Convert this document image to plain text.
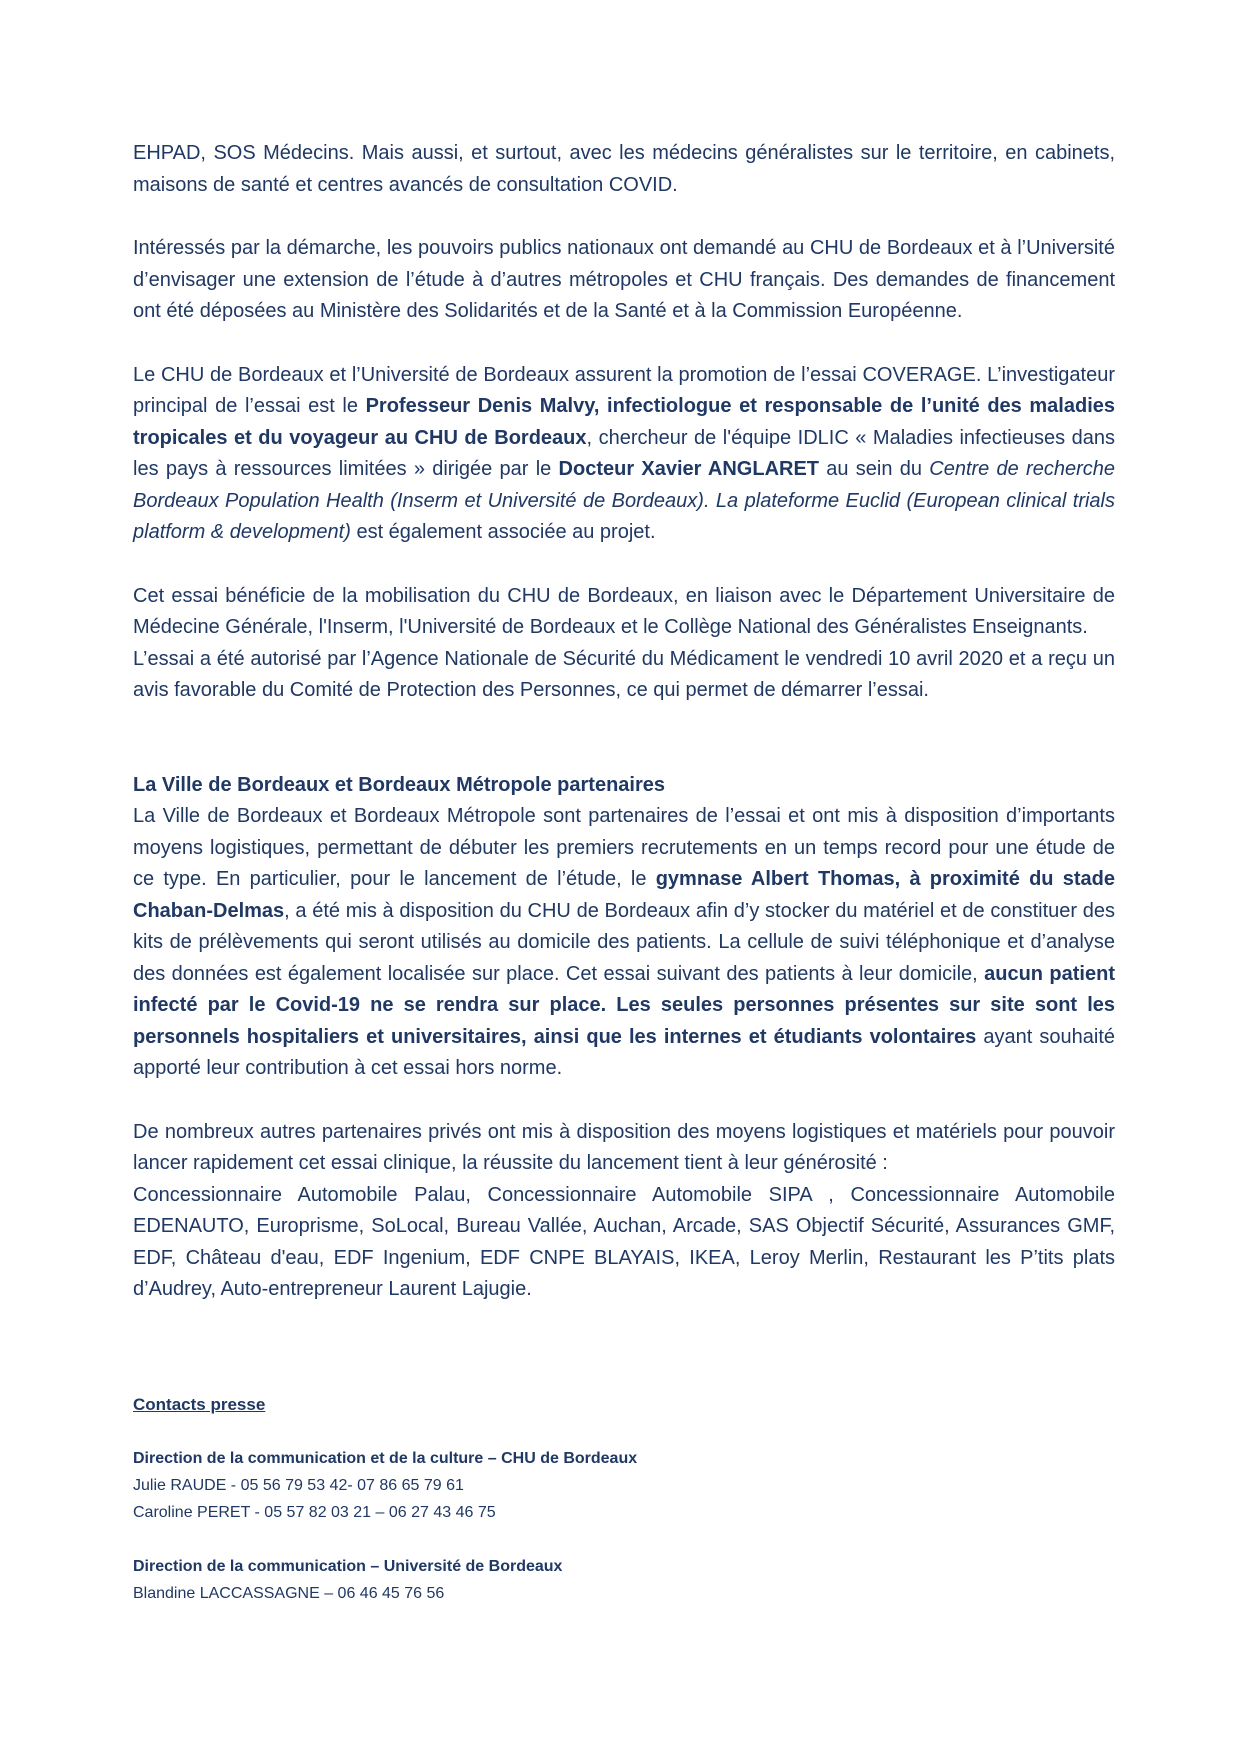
EHPAD, SOS Médecins. Mais aussi, et surtout, avec les médecins généralistes sur le territoire, en cabinets, maisons de santé et centres avancés de consultation COVID.

Intéressés par la démarche, les pouvoirs publics nationaux ont demandé au CHU de Bordeaux et à l’Université d’envisager une extension de l’étude à d’autres métropoles et CHU français. Des demandes de financement ont été déposées au Ministère des Solidarités et de la Santé et à la Commission Européenne.

Le CHU de Bordeaux et l’Université de Bordeaux assurent la promotion de l’essai COVERAGE. L’investigateur principal de l’essai est le Professeur Denis Malvy, infectiologue et responsable de l’unité des maladies tropicales et du voyageur au CHU de Bordeaux, chercheur de l'équipe IDLIC « Maladies infectieuses dans les pays à ressources limitées » dirigée par le Docteur Xavier ANGLARET au sein du Centre de recherche Bordeaux Population Health (Inserm et Université de Bordeaux). La plateforme Euclid (European clinical trials platform & development) est également associée au projet.

Cet essai bénéficie de la mobilisation du CHU de Bordeaux, en liaison avec le Département Universitaire de Médecine Générale, l'Inserm, l'Université de Bordeaux et le Collège National des Généralistes Enseignants.

L’essai a été autorisé par l’Agence Nationale de Sécurité du Médicament le vendredi 10 avril 2020 et a reçu un avis favorable du Comité de Protection des Personnes, ce qui permet de démarrer l’essai.

La Ville de Bordeaux et Bordeaux Métropole partenaires

La Ville de Bordeaux et Bordeaux Métropole sont partenaires de l’essai et ont mis à disposition d’importants moyens logistiques, permettant de débuter les premiers recrutements en un temps record pour une étude de ce type. En particulier, pour le lancement de l’étude, le gymnase Albert Thomas, à proximité du stade Chaban-Delmas, a été mis à disposition du CHU de Bordeaux afin d’y stocker du matériel et de constituer des kits de prélèvements qui seront utilisés au domicile des patients. La cellule de suivi téléphonique et d’analyse des données est également localisée sur place. Cet essai suivant des patients à leur domicile, aucun patient infecté par le Covid-19 ne se rendra sur place. Les seules personnes présentes sur site sont les personnels hospitaliers et universitaires, ainsi que les internes et étudiants volontaires ayant souhaité apporté leur contribution à cet essai hors norme.

De nombreux autres partenaires privés ont mis à disposition des moyens logistiques et matériels pour pouvoir lancer rapidement cet essai clinique, la réussite du lancement tient à leur générosité :

Concessionnaire Automobile Palau, Concessionnaire Automobile SIPA , Concessionnaire Automobile EDENAUTO, Europrisme, SoLocal, Bureau Vallée, Auchan, Arcade, SAS Objectif Sécurité, Assurances GMF, EDF, Château d'eau, EDF Ingenium, EDF CNPE BLAYAIS, IKEA, Leroy Merlin, Restaurant les P’tits plats d’Audrey, Auto-entrepreneur Laurent Lajugie.

Contacts presse

Direction de la communication et de la culture – CHU de Bordeaux

Julie RAUDE - 05 56 79 53 42- 07 86 65 79 61

Caroline PERET - 05 57 82 03 21 – 06 27 43 46 75

Direction de la communication – Université de Bordeaux

Blandine LACCASSAGNE – 06 46 45 76 56
